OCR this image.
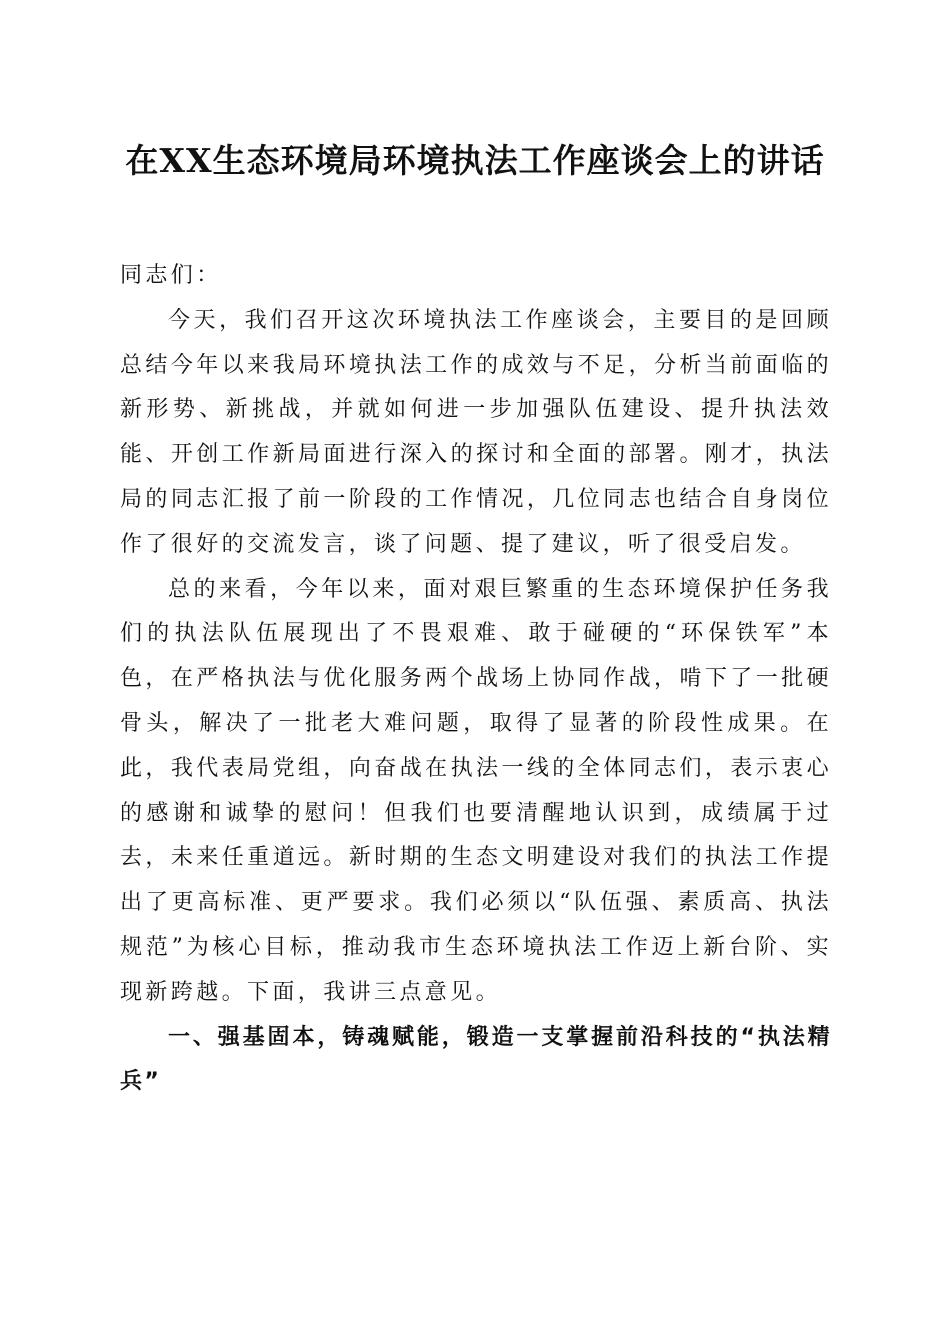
在XX生态环境局环境执法工作座谈会上的讲话

同志们：

今天，我们召开这次环境执法工作座谈会，主要目的是回顾总结今年以来我局环境执法工作的成效与不足，分析当前面临的新形势、新挑战，并就如何进一步加强队伍建设、提升执法效能、开创工作新局面进行深入的探讨和全面的部署。刚才，执法局的同志汇报了前一阶段的工作情况，几位同志也结合自身岗位作了很好的交流发言，谈了问题、提了建议，听了很受启发。

总的来看，今年以来，面对艰巨繁重的生态环境保护任务我们的执法队伍展现出了不畏艰难、敢于碰硬的“环保铁军”本色，在严格执法与优化服务两个战场上协同作战，啃下了一批硬骨头，解决了一批老大难问题，取得了显著的阶段性成果。在此，我代表局党组，向奋战在执法一线的全体同志们，表示衷心的感谢和诚挚的慰问！但我们也要清醒地认识到，成绩属于过去，未来任重道远。新时期的生态文明建设对我们的执法工作提出了更高标准、更严要求。我们必须以“队伍强、素质高、执法规范”为核心目标，推动我市生态环境执法工作迈上新台阶、实现新跨越。下面，我讲三点意见。

一、强基固本，铸魂赋能，锻造一支掌握前沿科技的“执法精兵”
